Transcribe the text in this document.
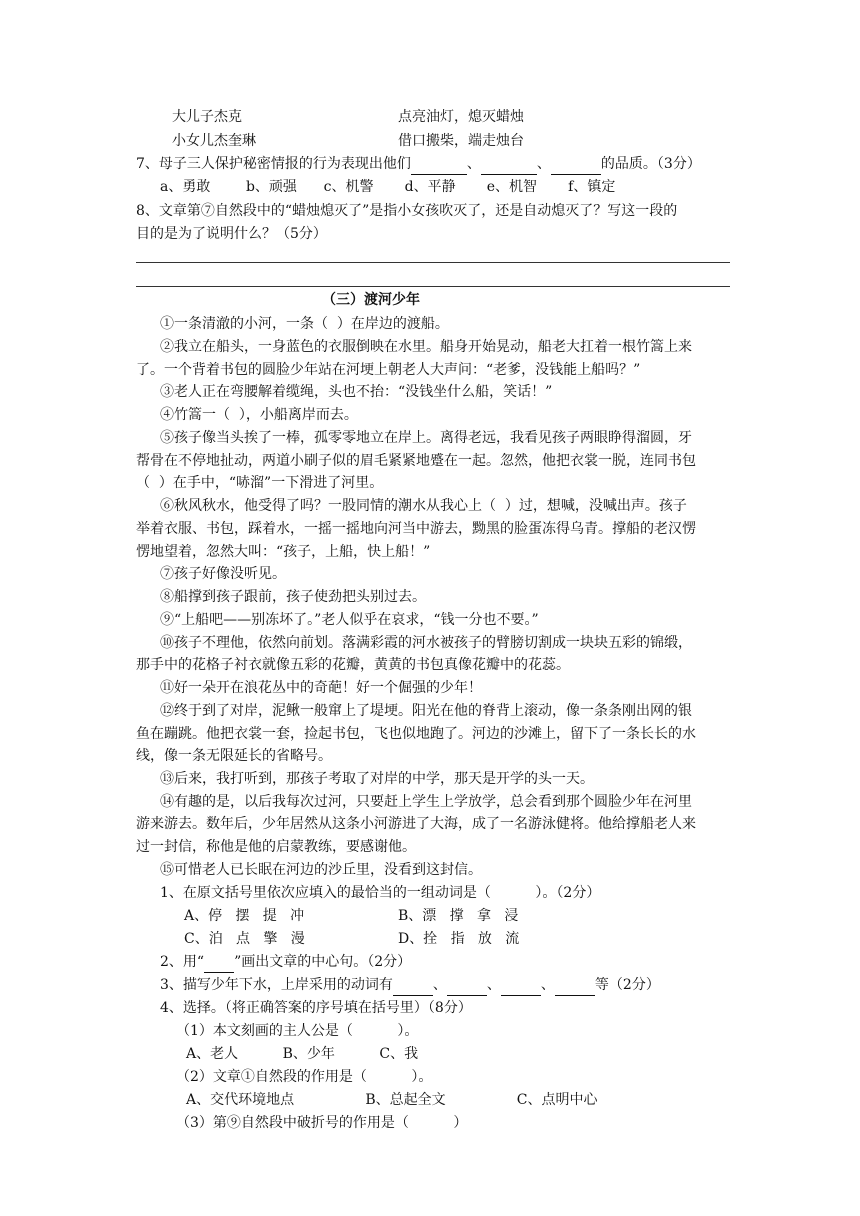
大儿子杰克	点亮油灯，熄灭蜡烛
小女儿杰奎琳	借口搬柴，端走烛台
7、母子三人保护秘密情报的行为表现出他们	、	、	的品质。（3分）
a、勇敢        b、顽强      c、机警       d、平静       e、机智       f、镇定
8、文章第⑦自然段中的“蜡烛熄灭了”是指小女孩吹灭了，还是自动熄灭了？写这一段的
目的是为了说明什么？（5分）
（三）渡河少年
①一条清澈的小河，一条（  ）在岸边的渡船。
②我立在船头，一身蓝色的衣服倒映在水里。船身开始晃动，船老大扛着一根竹篙上来
了。一个背着书包的圆脸少年站在河埂上朝老人大声问：“老爹，没钱能上船吗？”
③老人正在弯腰解着缆绳，头也不抬：“没钱坐什么船，笑话！”
④竹篙一（  ），小船离岸而去。
⑤孩子像当头挨了一棒，孤零零地立在岸上。离得老远，我看见孩子两眼睁得溜圆，牙
帮骨在不停地扯动，两道小刷子似的眉毛紧紧地蹙在一起。忽然，他把衣裳一脱，连同书包
（  ）在手中，“哧溜”一下滑进了河里。
⑥秋风秋水，他受得了吗？一股同情的潮水从我心上（  ）过，想喊，没喊出声。孩子
举着衣服、书包，踩着水，一摇一摇地向河当中游去，黝黑的脸蛋冻得乌青。撑船的老汉愣
愣地望着，忽然大叫：“孩子，上船，快上船！”
⑦孩子好像没听见。
⑧船撑到孩子跟前，孩子使劲把头别过去。
⑨“上船吧——别冻坏了。”老人似乎在哀求，“钱一分也不要。”
⑩孩子不理他，依然向前划。落满彩霞的河水被孩子的臂膀切割成一块块五彩的锦缎，
那手中的花格子衬衣就像五彩的花瓣，黄黄的书包真像花瓣中的花蕊。
⑪好一朵开在浪花丛中的奇葩！好一个倔强的少年！
⑫终于到了对岸，泥鳅一般窜上了堤埂。阳光在他的脊背上滚动，像一条条刚出网的银
鱼在蹦跳。他把衣裳一套，捡起书包，飞也似地跑了。河边的沙滩上，留下了一条长长的水
线，像一条无限延长的省略号。
⑬后来，我打听到，那孩子考取了对岸的中学，那天是开学的头一天。
⑭有趣的是，以后我每次过河，只要赶上学生上学放学，总会看到那个圆脸少年在河里
游来游去。数年后，少年居然从这条小河游进了大海，成了一名游泳健将。他给撑船老人来
过一封信，称他是他的启蒙教练，要感谢他。
⑮可惜老人已长眠在河边的沙丘里，没看到这封信。
1、在原文括号里依次应填入的最恰当的一组动词是（          ）。（2分）
A、停   摆   提   冲	B、漂   撑   拿   浸
C、泊   点   擎   漫	D、拴   指   放   流
2、用“ ”画出文章的中心句。（2分）
3、描写少年下水，上岸采用的动词有	、	、	、	等（2分）
4、选择。（将正确答案的序号填在括号里）（8分）
（1）本文刻画的主人公是（          ）。
A、老人          B、少年          C、我
（2）文章①自然段的作用是（          ）。
A、交代环境地点                B、总起全文                C、点明中心
（3）第⑨自然段中破折号的作用是（          ）
